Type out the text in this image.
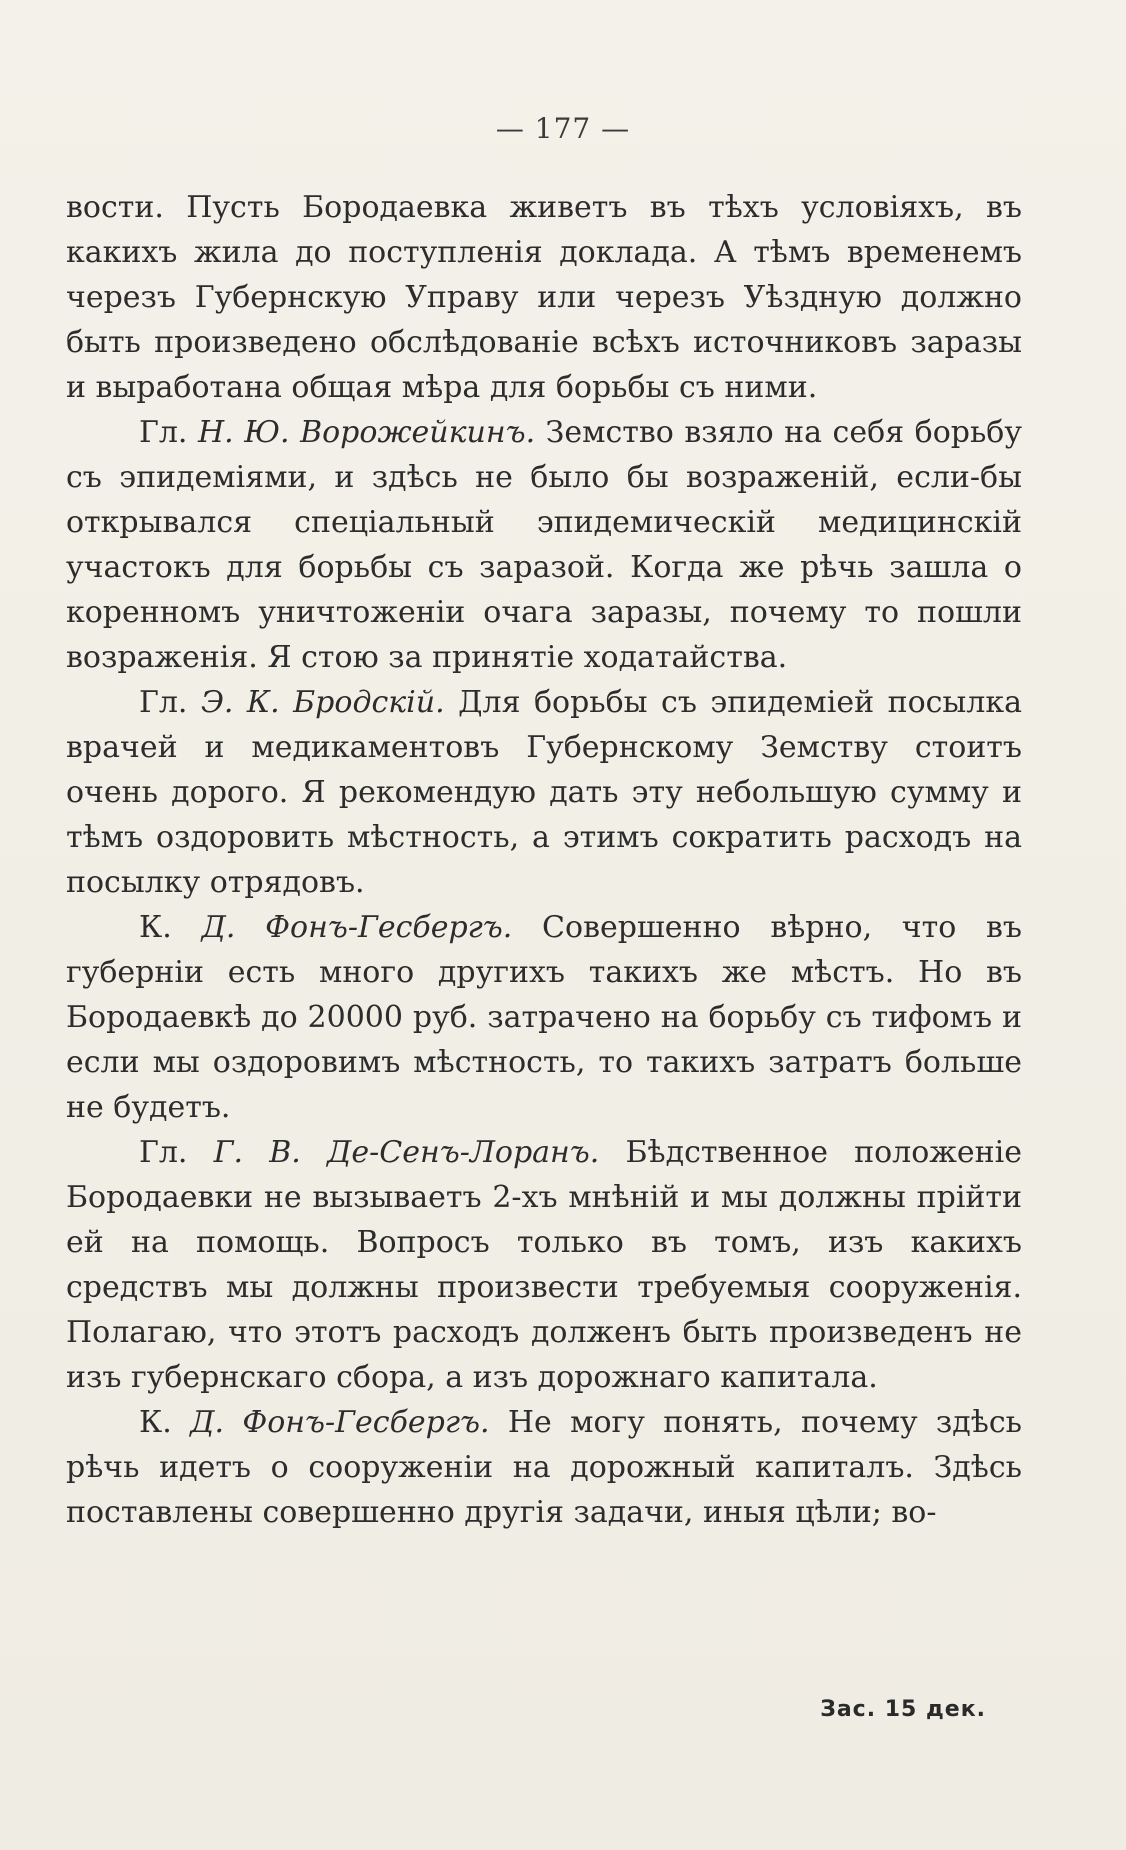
— 177 —

вости. Пусть Бородаевка живетъ въ тѣхъ условіяхъ, въ какихъ жила до поступленія доклада. А тѣмъ временемъ черезъ Губернскую Управу или черезъ Уѣздную должно быть произведено обслѣдованіе всѣхъ источниковъ заразы и выработана общая мѣра для борьбы съ ними.

Гл. Н. Ю. Ворожейкинъ. Земство взяло на себя борьбу съ эпидеміями, и здѣсь не было бы возраженій, если-бы открывался спеціальный эпидемическій медицинскій участокъ для борьбы съ заразой. Когда же рѣчь зашла о коренномъ уничтоженіи очага заразы, почему то пошли возраженія. Я стою за принятіе ходатайства.

Гл. Э. К. Бродскій. Для борьбы съ эпидеміей посылка врачей и медикаментовъ Губернскому Земству стоитъ очень дорого. Я рекомендую дать эту небольшую сумму и тѣмъ оздоровить мѣстность, а этимъ сократить расходъ на посылку отрядовъ.

К. Д. Фонъ-Гесбергъ. Совершенно вѣрно, что въ губерніи есть много другихъ такихъ же мѣстъ. Но въ Бородаевкѣ до 20000 руб. затрачено на борьбу съ тифомъ и если мы оздоровимъ мѣстность, то такихъ затратъ больше не будетъ.

Гл. Г. В. Де-Сенъ-Лоранъ. Бѣдственное положеніе Бородаевки не вызываетъ 2-хъ мнѣній и мы должны прійти ей на помощь. Вопросъ только въ томъ, изъ какихъ средствъ мы должны произвести требуемыя сооруженія. Полагаю, что этотъ расходъ долженъ быть произведенъ не изъ губернскаго сбора, а изъ дорожнаго капитала.

К. Д. Фонъ-Гесбергъ. Не могу понять, почему здѣсь рѣчь идетъ о сооруженіи на дорожный капиталъ. Здѣсь поставлены совершенно другія задачи, иныя цѣли; во-

Зас. 15 дек.
